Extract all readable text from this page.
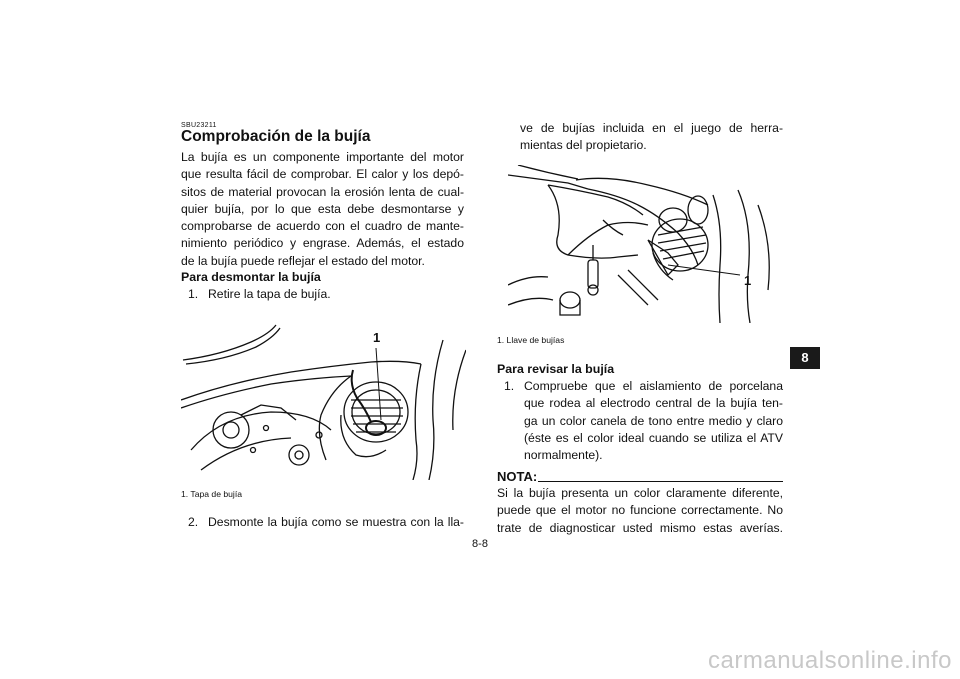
SBU23211
Comprobación de la bujía
La bujía es un componente importante del motor
que resulta fácil de comprobar. El calor y los depó-
sitos de material provocan la erosión lenta de cual-
quier bujía, por lo que esta debe desmontarse y
comprobarse de acuerdo con el cuadro de mante-
nimiento periódico y engrase. Además, el estado
de la bujía puede reflejar el estado del motor.
Para desmontar la bujía
1. Retire la tapa de bujía.
1
1. Tapa de bujía
2. Desmonte la bujía como se muestra con la lla-
ve de bujías incluida en el juego de herra-
mientas del propietario.
1
1. Llave de bujías
Para revisar la bujía
1. Compruebe que el aislamiento de porcelana
que rodea al electrodo central de la bujía ten-
ga un color canela de tono entre medio y claro
(éste es el color ideal cuando se utiliza el ATV
normalmente).
NOTA:
Si la bujía presenta un color claramente diferente,
puede que el motor no funcione correctamente. No
trate de diagnosticar usted mismo estas averías.
8
8-8
carmanualsonline.info
